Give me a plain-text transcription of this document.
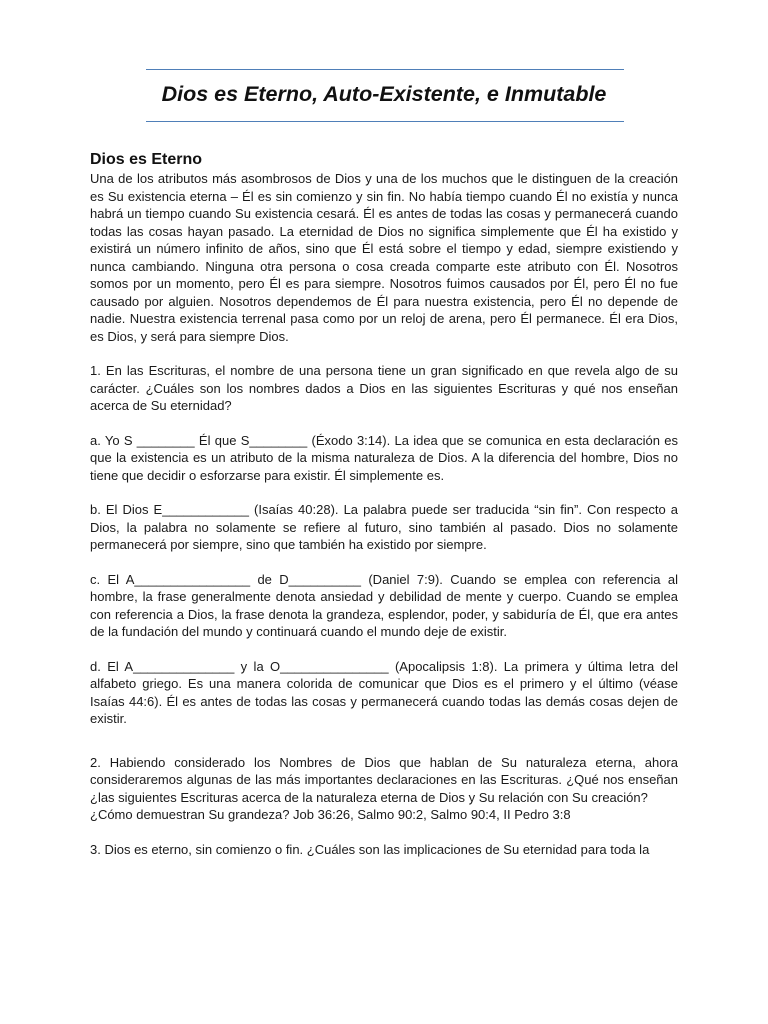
Dios es Eterno, Auto-Existente, e Inmutable
Dios es Eterno

Una de los atributos más asombrosos de Dios y una de los muchos que le distinguen de la creación es Su existencia eterna – Él es sin comienzo y sin fin. No había tiempo cuando Él no existía y nunca habrá un tiempo cuando Su existencia cesará. Él es antes de todas las cosas y permanecerá cuando todas las cosas hayan pasado. La eternidad de Dios no significa simplemente que Él ha existido y existirá un número infinito de años, sino que Él está sobre el tiempo y edad, siempre existiendo y nunca cambiando. Ninguna otra persona o cosa creada comparte este atributo con Él. Nosotros somos por un momento, pero Él es para siempre. Nosotros fuimos causados por Él, pero Él no fue causado por alguien. Nosotros dependemos de Él para nuestra existencia, pero Él no depende de nadie. Nuestra existencia terrenal pasa como por un reloj de arena, pero Él permanece. Él era Dios, es Dios, y será para siempre Dios.

1. En las Escrituras, el nombre de una persona tiene un gran significado en que revela algo de su carácter. ¿Cuáles son los nombres dados a Dios en las siguientes Escrituras y qué nos enseñan acerca de Su eternidad?

a. Yo S ________ Él que S________ (Éxodo 3:14). La idea que se comunica en esta declaración es que la existencia es un atributo de la misma naturaleza de Dios. A la diferencia del hombre, Dios no tiene que decidir o esforzarse para existir. Él simplemente es.

b. El Dios E____________ (Isaías 40:28). La palabra puede ser traducida “sin fin”. Con respecto a Dios, la palabra no solamente se refiere al futuro, sino también al pasado. Dios no solamente permanecerá por siempre, sino que también ha existido por siempre.

c. El A________________ de D__________ (Daniel 7:9). Cuando se emplea con referencia al hombre, la frase generalmente denota ansiedad y debilidad de mente y cuerpo. Cuando se emplea con referencia a Dios, la frase denota la grandeza, esplendor, poder, y sabiduría de Él, que era antes de la fundación del mundo y continuará cuando el mundo deje de existir.

d. El A______________ y la O_______________ (Apocalipsis 1:8). La primera y última letra del alfabeto griego. Es una manera colorida de comunicar que Dios es el primero y el último (véase Isaías 44:6). Él es antes de todas las cosas y permanecerá cuando todas las demás cosas dejen de existir.

2. Habiendo considerado los Nombres de Dios que hablan de Su naturaleza eterna, ahora consideraremos algunas de las más importantes declaraciones en las Escrituras. ¿Qué nos enseñan ¿las siguientes Escrituras acerca de la naturaleza eterna de Dios y Su relación con Su creación?

¿Cómo demuestran Su grandeza? Job 36:26, Salmo 90:2, Salmo 90:4, II Pedro 3:8

3. Dios es eterno, sin comienzo o fin. ¿Cuáles son las implicaciones de Su eternidad para toda la
